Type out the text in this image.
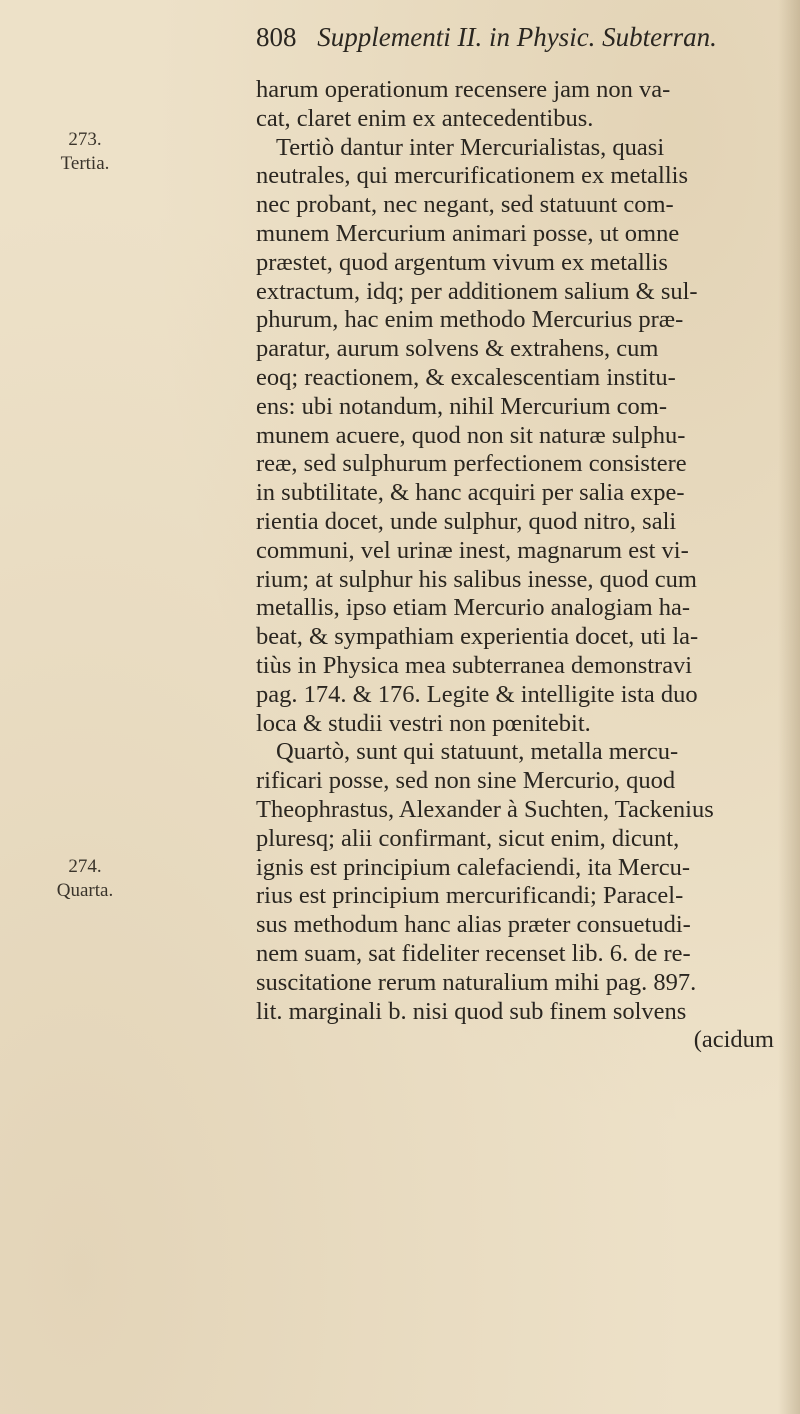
808 Supplementi II. in Physic. Subterran.
273.
Tertia.
274.
Quarta.
harum operationum recensere jam non va-
cat, claret enim ex antecedentibus.
Tertiò dantur inter Mercurialistas, quasi
neutrales, qui mercurificationem ex metallis
nec probant, nec negant, sed statuunt com-
munem Mercurium animari posse, ut omne
præstet, quod argentum vivum ex metallis
extractum, idq; per additionem salium & sul-
phurum, hac enim methodo Mercurius præ-
paratur, aurum solvens & extrahens, cum
eoq; reactionem, & excalescentiam institu-
ens: ubi notandum, nihil Mercurium com-
munem acuere, quod non sit naturæ sulphu-
reæ, sed sulphurum perfectionem consistere
in subtilitate, & hanc acquiri per salia expe-
rientia docet, unde sulphur, quod nitro, sali
communi, vel urinæ inest, magnarum est vi-
rium; at sulphur his salibus inesse, quod cum
metallis, ipso etiam Mercurio analogiam ha-
beat, & sympathiam experientia docet, uti la-
tiùs in Physica mea subterranea demonstravi
pag. 174. & 176. Legite & intelligite ista duo
loca & studii vestri non pœnitebit.
Quartò, sunt qui statuunt, metalla mercu-
rificari posse, sed non sine Mercurio, quod
Theophrastus, Alexander à Suchten, Tackenius
pluresq; alii confirmant, sicut enim, dicunt,
ignis est principium calefaciendi, ita Mercu-
rius est principium mercurificandi; Paracel-
sus methodum hanc alias præter consuetudi-
nem suam, sat fideliter recenset lib. 6. de re-
suscitatione rerum naturalium mihi pag. 897.
lit. marginali b. nisi quod sub finem solvens
(acidum
